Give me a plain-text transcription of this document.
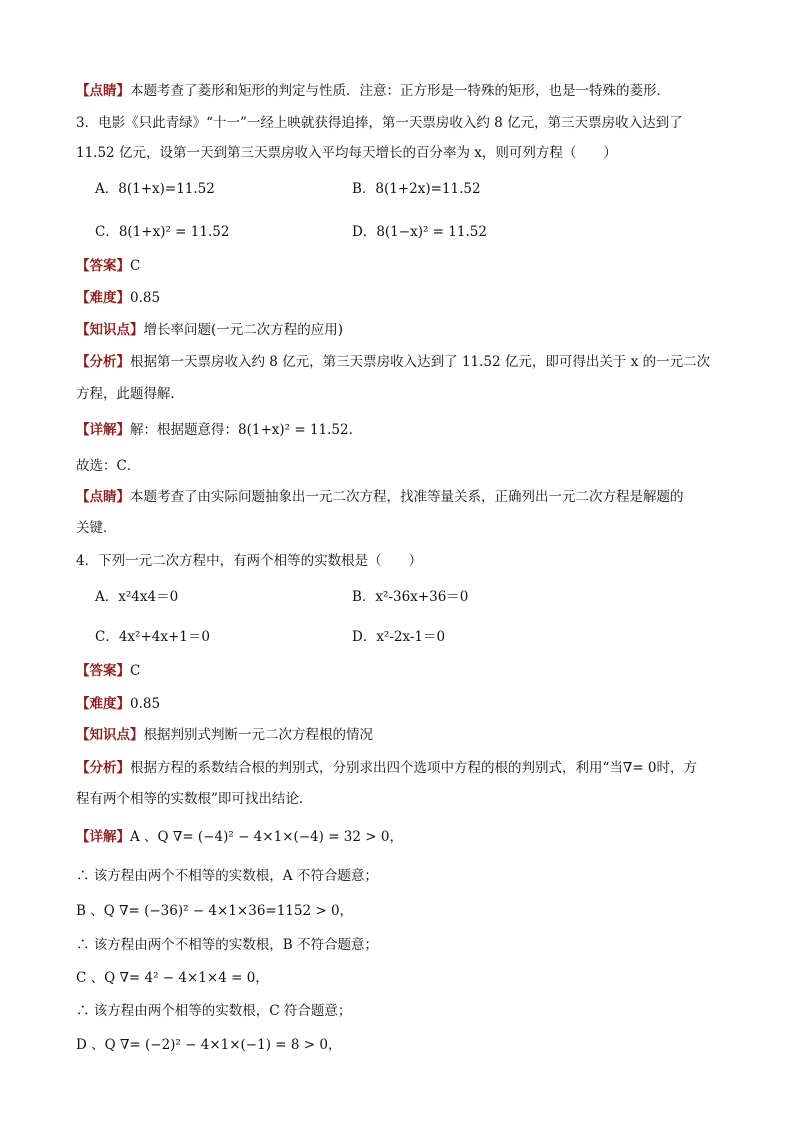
【点睛】本题考查了菱形和矩形的判定与性质．注意：正方形是一特殊的矩形，也是一特殊的菱形．

3．电影《只此青绿》“十一”一经上映就获得追捧，第一天票房收入约 8 亿元，第三天票房收入达到了

11.52 亿元，设第一天到第三天票房收入平均每天增长的百分率为 x，则可列方程（　　）

A．8(1+x)=11.52	B．8(1+2x)=11.52

C．8(1+x)² = 11.52	D．8(1−x)² = 11.52

【答案】C

【难度】0.85

【知识点】增长率问题(一元二次方程的应用)

【分析】根据第一天票房收入约 8 亿元，第三天票房收入达到了 11.52 亿元，即可得出关于 x 的一元二次

方程，此题得解．

【详解】解：根据题意得：8(1+x)² = 11.52．

故选：C．

【点睛】本题考查了由实际问题抽象出一元二次方程，找准等量关系，正确列出一元二次方程是解题的

关键．

4．下列一元二次方程中，有两个相等的实数根是（　　）

A．x²4x4＝0	B．x²-36x+36＝0

C．4x²+4x+1＝0	D．x²-2x-1＝0

【答案】C

【难度】0.85

【知识点】根据判别式判断一元二次方程根的情况

【分析】根据方程的系数结合根的判别式，分别求出四个选项中方程的根的判别式，利用“当∇= 0时，方

程有两个相等的实数根”即可找出结论.

【详解】A 、Q ∇= (−4)² − 4×1×(−4) = 32 > 0，

∴ 该方程由两个不相等的实数根，A 不符合题意；

B 、Q ∇= (−36)² − 4×1×36=1152 > 0，

∴ 该方程由两个不相等的实数根，B 不符合题意；

C 、Q ∇= 4² − 4×1×4 = 0，

∴ 该方程由两个相等的实数根，C 符合题意；

D 、Q ∇= (−2)² − 4×1×(−1) = 8 > 0，
